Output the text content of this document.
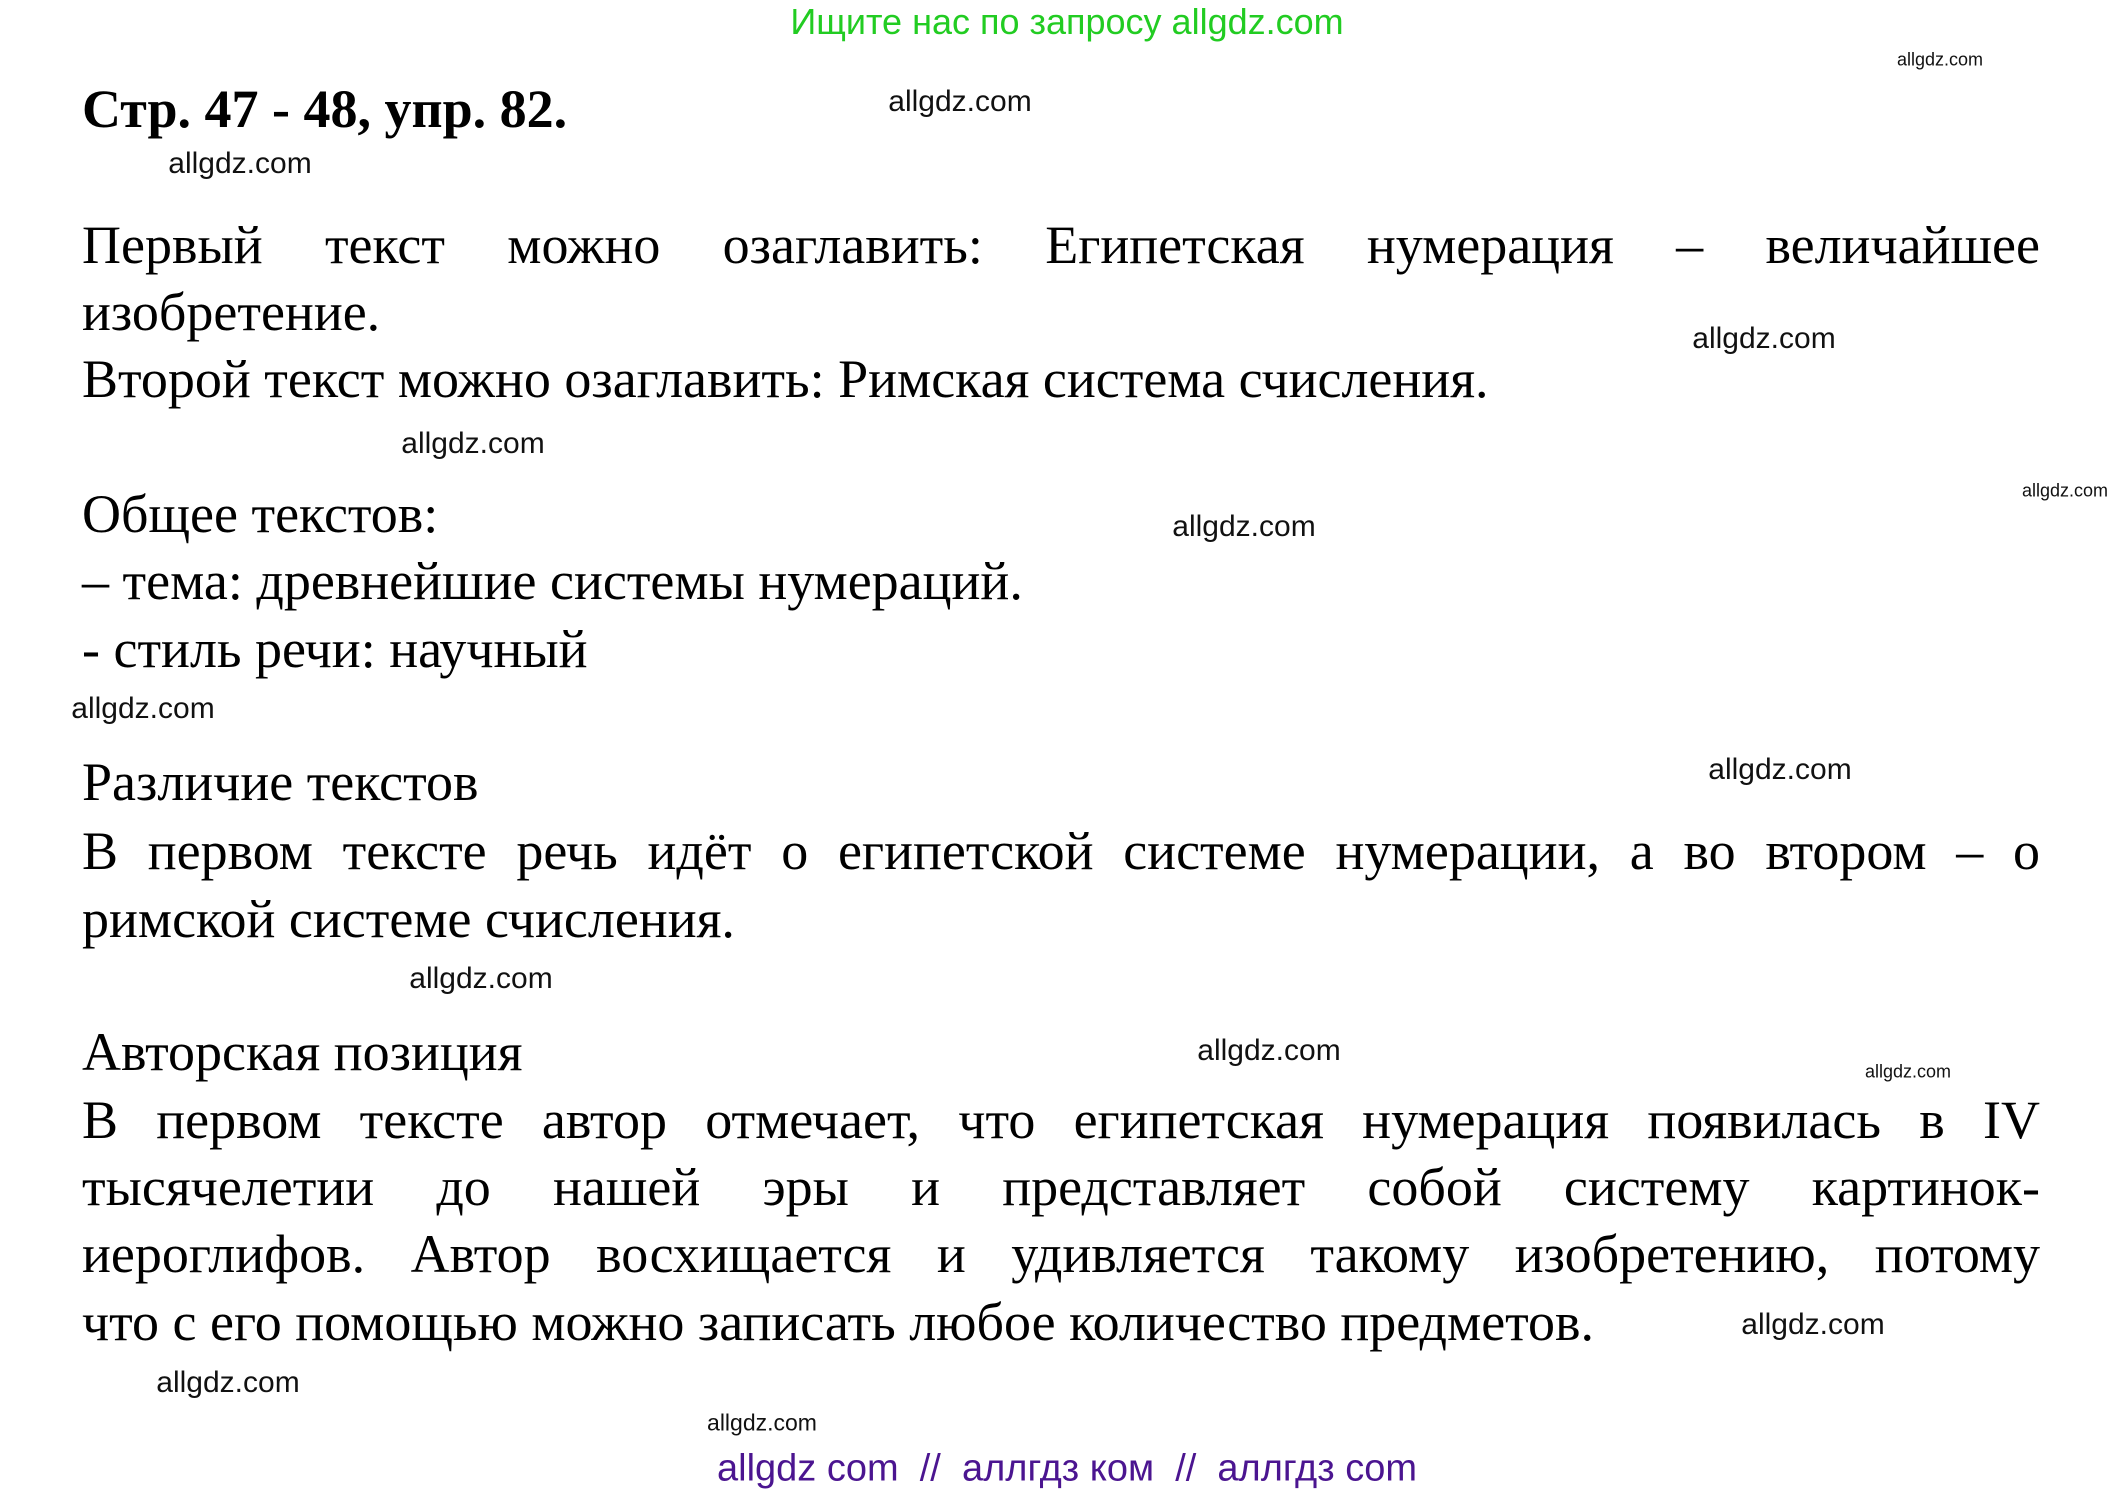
Ищите нас по запросу allgdz.com
Стр. 47 - 48, упр. 82.
Первый текст можно озаглавить: Египетская нумерация – величайшее
изобретение.
Второй текст можно озаглавить: Римская система счисления.
Общее текстов:
– тема: древнейшие системы нумераций.
- стиль речи: научный
Различие текстов
В первом тексте речь идёт о египетской системе нумерации, а во втором – о
римской системе счисления.
Авторская позиция
В первом тексте автор отмечает, что египетская нумерация появилась в IV
тысячелетии до нашей эры и представляет собой систему картинок-
иероглифов. Автор восхищается и удивляется такому изобретению, потому
что с его помощью можно записать любое количество предметов.
allgdz.com
allgdz.com
allgdz.com
allgdz.com
allgdz.com
allgdz.com
allgdz.com
allgdz.com
allgdz.com
allgdz.com
allgdz.com
allgdz.com
allgdz.com
allgdz.com
allgdz.com
allgdz com  //  аллгдз ком  //  аллгдз com
